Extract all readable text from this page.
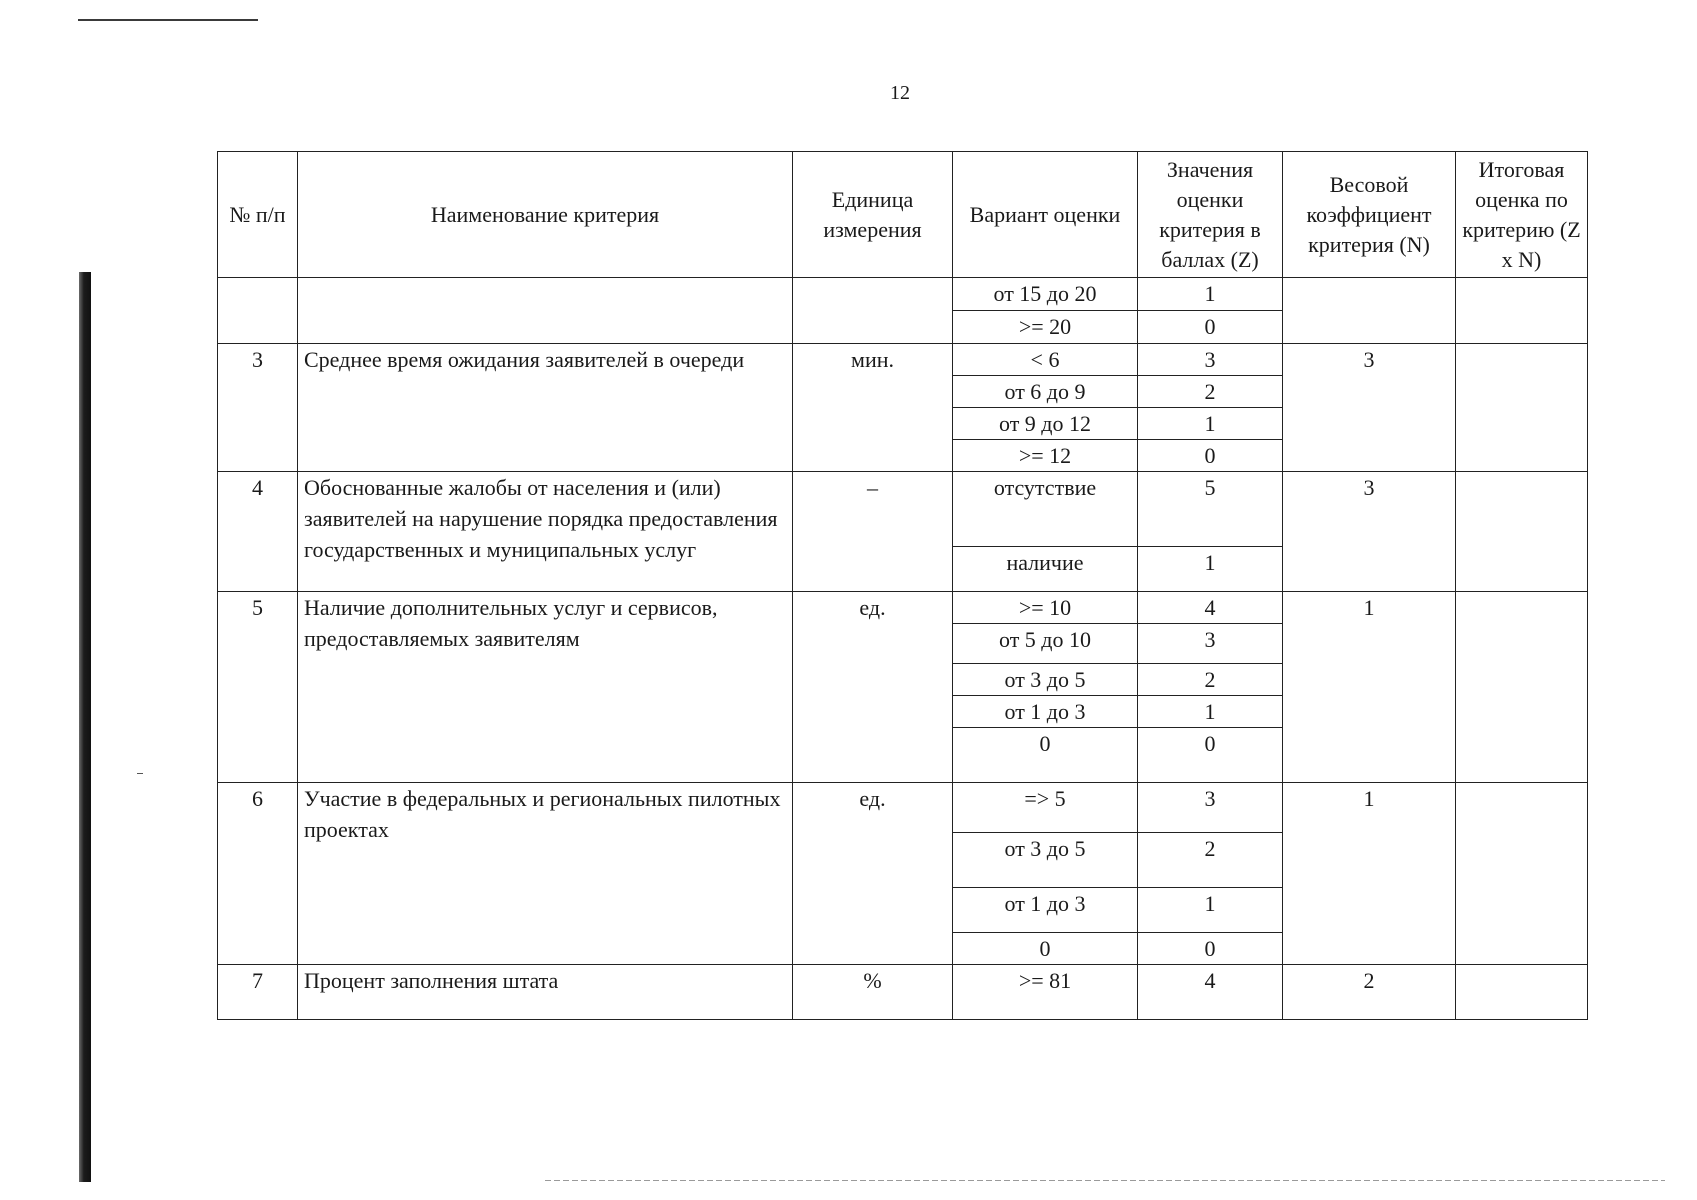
12
№ п/п	Наименование критерия	Единица измерения	Вариант оценки	Значения оценки критерия в баллах (Z)	Весовой коэффициент критерия (N)	Итоговая оценка по критерию (Z x N)
			от 15 до 20	1		
			>= 20	0		
3	Среднее время ожидания заявителей в очереди	мин.	< 6	3	3	
			от 6 до 9	2		
			от 9 до 12	1		
			>= 12	0		
4	Обоснованные жалобы от населения и (или) заявителей на нарушение порядка предоставления государственных и муниципальных услуг	–	отсутствие	5	3	
			наличие	1		
5	Наличие дополнительных услуг и сервисов, предоставляемых заявителям	ед.	>= 10	4	1	
			от 5 до 10	3		
			от 3 до 5	2		
			от 1 до 3	1		
			0	0		
6	Участие в федеральных и региональных пилотных проектах	ед.	=> 5	3	1	
			от 3 до 5	2		
			от 1 до 3	1		
			0	0		
7	Процент заполнения штата	%	>= 81	4	2	
